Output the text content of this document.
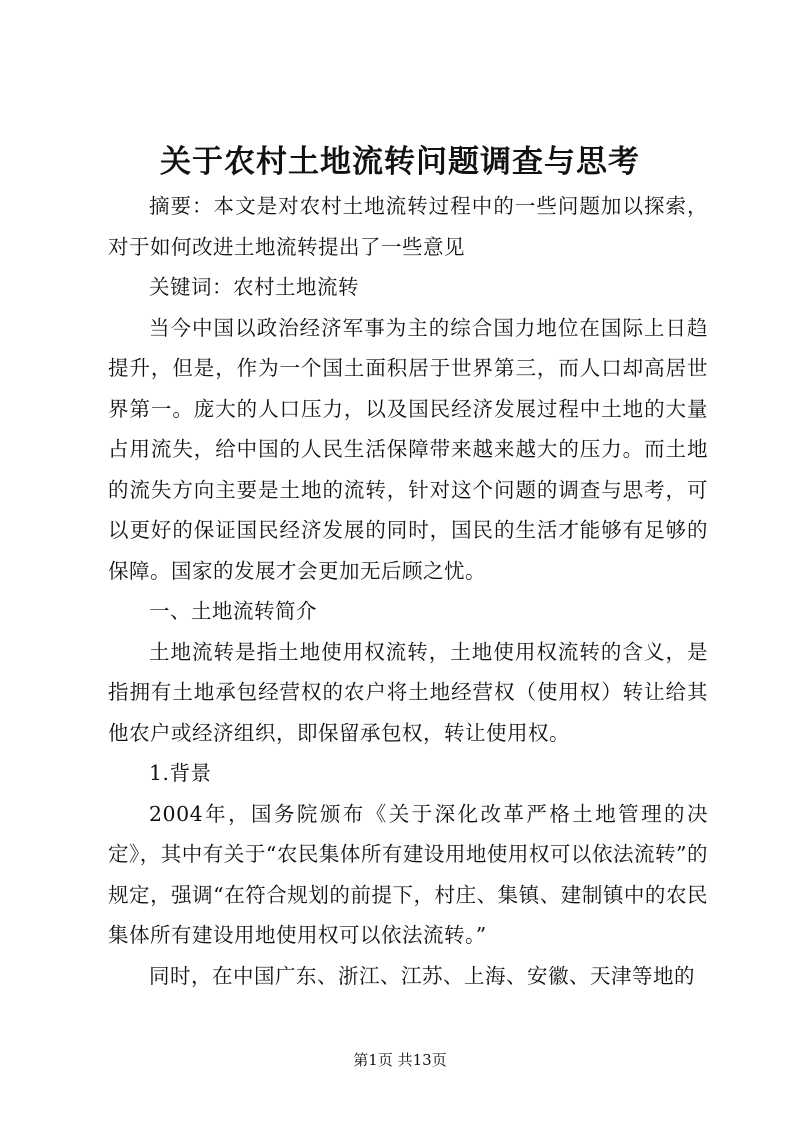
关于农村土地流转问题调查与思考

摘要：本文是对农村土地流转过程中的一些问题加以探索，对于如何改进土地流转提出了一些意见

关键词：农村土地流转

当今中国以政治经济军事为主的综合国力地位在国际上日趋提升，但是，作为一个国土面积居于世界第三，而人口却高居世界第一。庞大的人口压力，以及国民经济发展过程中土地的大量占用流失，给中国的人民生活保障带来越来越大的压力。而土地的流失方向主要是土地的流转，针对这个问题的调查与思考，可以更好的保证国民经济发展的同时，国民的生活才能够有足够的保障。国家的发展才会更加无后顾之忧。

一、土地流转简介

土地流转是指土地使用权流转，土地使用权流转的含义，是指拥有土地承包经营权的农户将土地经营权（使用权）转让给其他农户或经济组织，即保留承包权，转让使用权。

1.背景

2004年，国务院颁布《关于深化改革严格土地管理的决定》，其中有关于“农民集体所有建设用地使用权可以依法流转”的规定，强调“在符合规划的前提下，村庄、集镇、建制镇中的农民集体所有建设用地使用权可以依法流转。”

同时，在中国广东、浙江、江苏、上海、安徽、天津等地的

第1页 共13页
